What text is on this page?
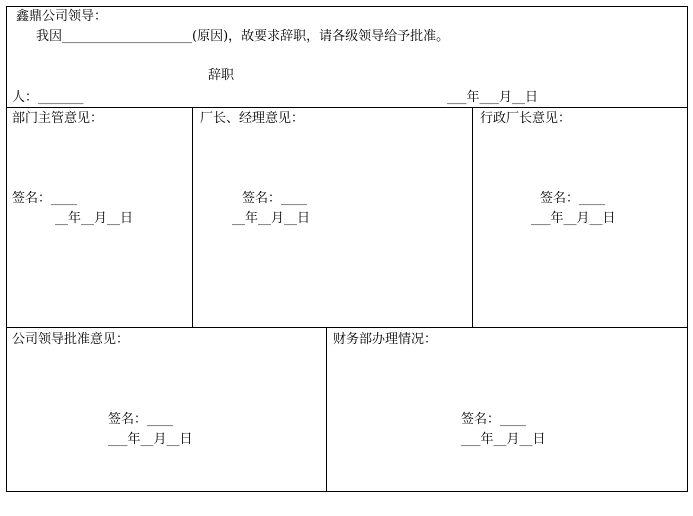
鑫鼎公司领导：
我因____________________(原因)，故要求辞职，请各级领导给予批准。
辞职
人：_______	___年___月__日
部门主管意见：
签名：____
__年__月__日
厂长、经理意见：
签名：____
__年__月__日
行政厂长意见：
签名：____
___年__月__日
公司领导批准意见：
签名：____
___年__月__日
财务部办理情况：
签名：____
___年__月__日
